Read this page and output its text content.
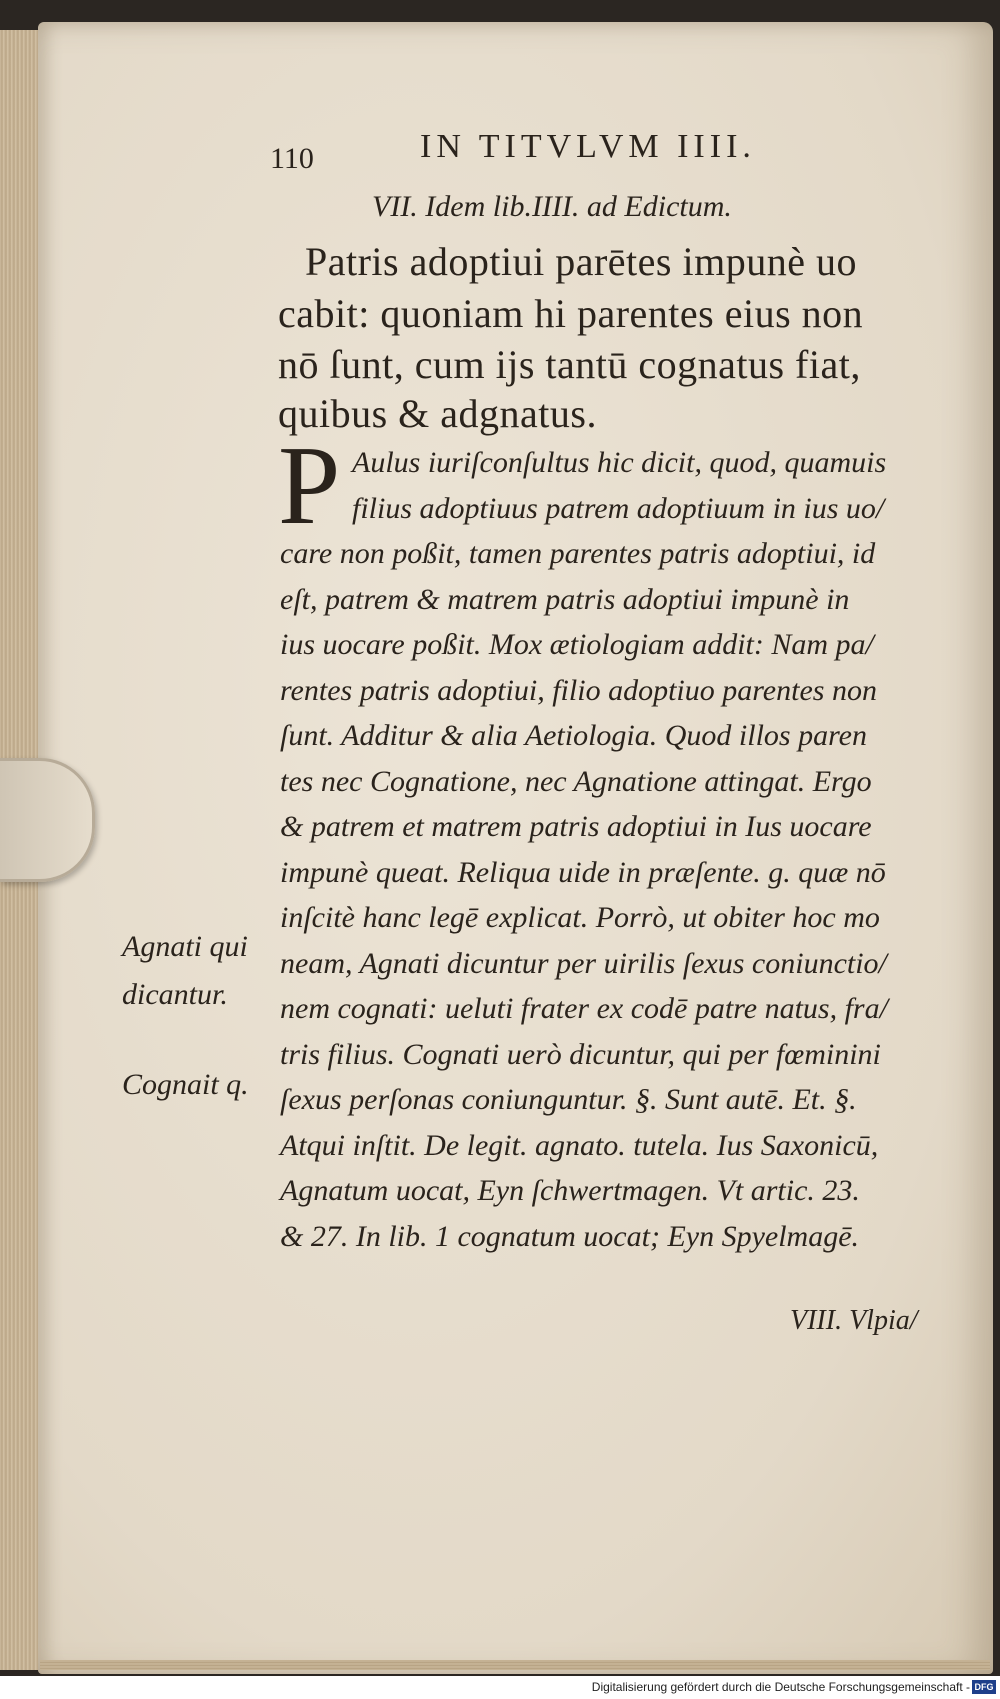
110	IN TITVLVM IIII.
VII. Idem lib.IIII. ad Edictum.
Patris adoptiui parētes impunè uo
cabit: quoniam hi parentes eius non
nō ſunt, cum ijs tantū cognatus fiat,
quibus & adgnatus.
P Aulus iuriſconſultus hic dicit, quod, quamuis
filius adoptiuus patrem adoptiuum in ius uo/
care non poßit, tamen parentes patris adoptiui, id
eſt, patrem & matrem patris adoptiui impunè in
ius uocare poßit. Mox ætiologiam addit: Nam pa/
rentes patris adoptiui, filio adoptiuo parentes non
ſunt. Additur & alia Aetiologia. Quod illos paren
tes nec Cognatione, nec Agnatione attingat. Ergo
& patrem et matrem patris adoptiui in Ius uocare
impunè queat. Reliqua uide in præſente. g. quæ nō
inſcitè hanc legē explicat. Porrò, ut obiter hoc mo
neam, Agnati dicuntur per uirilis ſexus coniunctio/
nem cognati: ueluti frater ex codē patre natus, fra/
tris filius. Cognati uerò dicuntur, qui per fœminini
ſexus perſonas coniunguntur. §. Sunt autē. Et. §.
Atqui inſtit. De legit. agnato. tutela. Ius Saxonicū,
Agnatum uocat, Eyn ſchwertmagen. Vt artic. 23.
& 27. In lib. 1 cognatum uocat; Eyn Spyelmagē.
Agnati qui
dicantur.
Cognait q.
VIII. Vlpia/
Digitalisierung gefördert durch die Deutsche Forschungsgemeinschaft - DFG
